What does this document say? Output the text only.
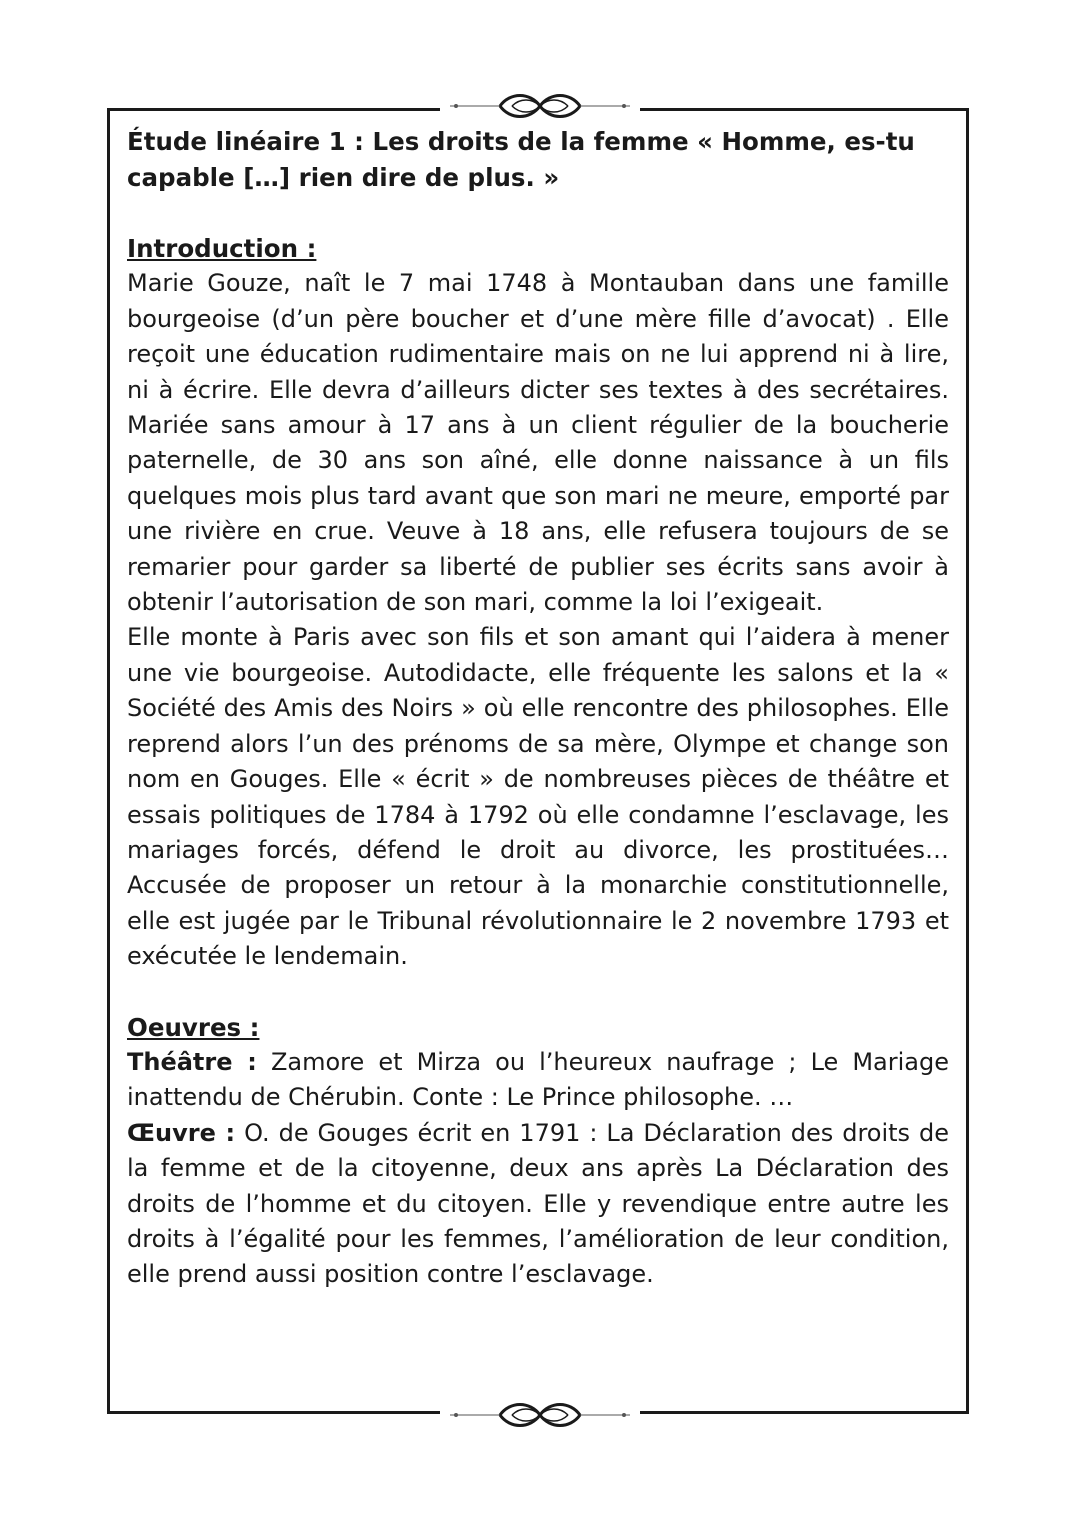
Étude linéaire 1 : Les droits de la femme « Homme, es-tu capable […] rien dire de plus. »

Introduction :

Marie Gouze, naît le 7 mai 1748 à Montauban dans une famille bourgeoise (d’un père boucher et d’une mère fille d’avocat) . Elle reçoit une éducation rudimentaire mais on ne lui apprend ni à lire, ni à écrire. Elle devra d’ailleurs dicter ses textes à des secrétaires. Mariée sans amour à 17 ans à un client régulier de la boucherie paternelle, de 30 ans son aîné, elle donne naissance à un fils quelques mois plus tard avant que son mari ne meure, emporté par une rivière en crue. Veuve à 18 ans, elle refusera toujours de se remarier pour garder sa liberté de publier ses écrits sans avoir à obtenir l’autorisation de son mari, comme la loi l’exigeait.

Elle monte à Paris avec son fils et son amant qui l’aidera à mener une vie bourgeoise. Autodidacte, elle fréquente les salons et la « Société des Amis des Noirs » où elle rencontre des philosophes. Elle reprend alors l’un des prénoms de sa mère, Olympe et change son nom en Gouges. Elle « écrit » de nombreuses pièces de théâtre et essais politiques de 1784 à 1792 où elle condamne l’esclavage, les mariages forcés, défend le droit au divorce, les prostituées… Accusée de proposer un retour à la monarchie constitutionnelle, elle est jugée par le Tribunal révolutionnaire le 2 novembre 1793 et exécutée le lendemain.

Oeuvres :

Théâtre : Zamore et Mirza ou l’heureux naufrage ; Le Mariage inattendu de Chérubin. Conte : Le Prince philosophe. …

Œuvre : O. de Gouges écrit en 1791 : La Déclaration des droits de la femme et de la citoyenne, deux ans après La Déclaration des droits de l’homme et du citoyen. Elle y revendique entre autre les droits à l’égalité pour les femmes, l’amélioration de leur condition, elle prend aussi position contre l’esclavage.
